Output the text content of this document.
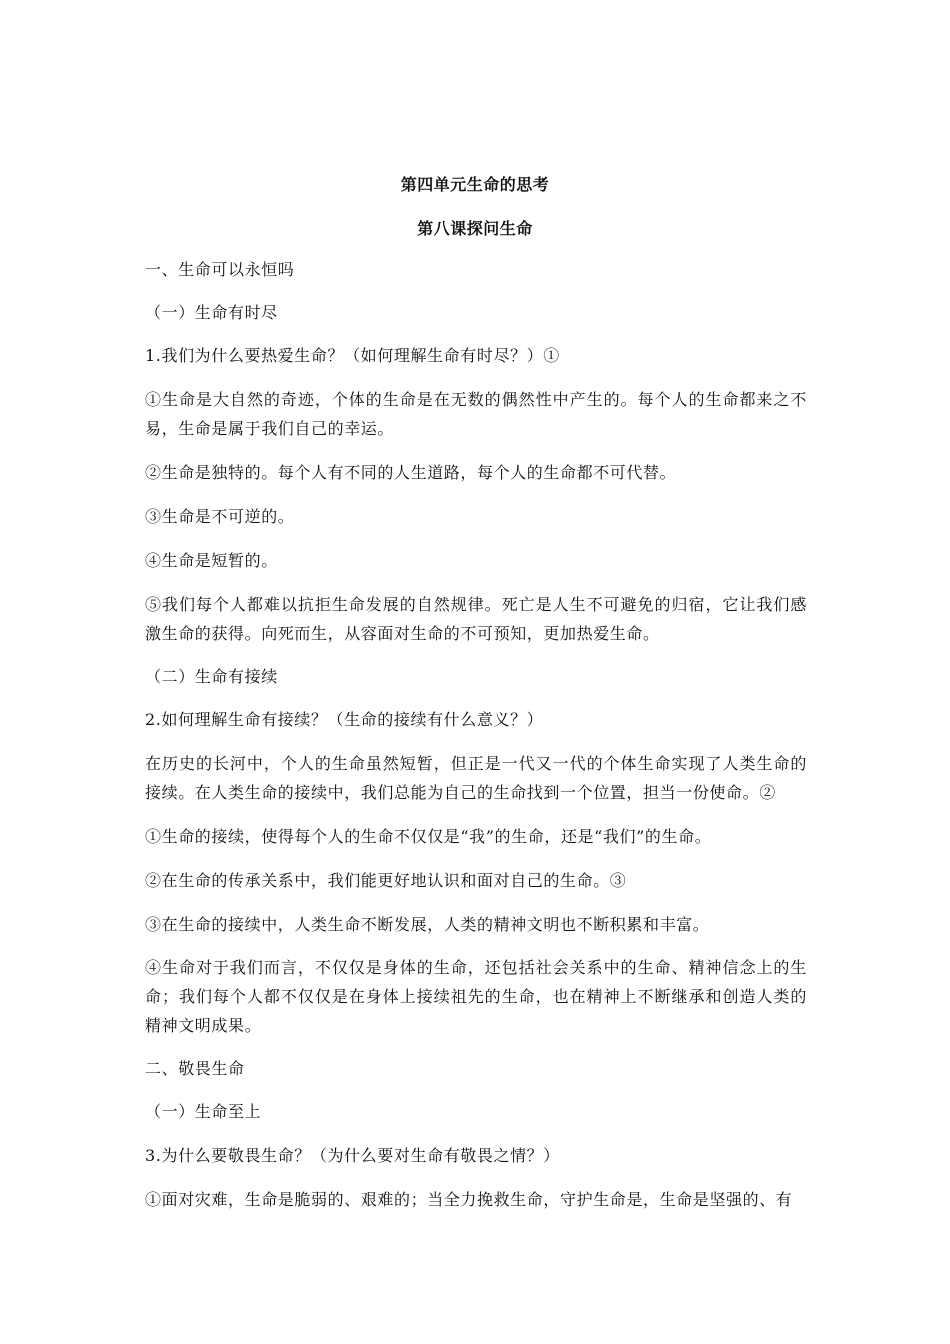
第四单元生命的思考
第八课探问生命
一、生命可以永恒吗
（一）生命有时尽
1.我们为什么要热爱生命？（如何理解生命有时尽？）①
①生命是大自然的奇迹，个体的生命是在无数的偶然性中产生的。每个人的生命都来之不易，生命是属于我们自己的幸运。
②生命是独特的。每个人有不同的人生道路，每个人的生命都不可代替。
③生命是不可逆的。
④生命是短暂的。
⑤我们每个人都难以抗拒生命发展的自然规律。死亡是人生不可避免的归宿，它让我们感激生命的获得。向死而生，从容面对生命的不可预知，更加热爱生命。
（二）生命有接续
2.如何理解生命有接续？（生命的接续有什么意义？）
在历史的长河中，个人的生命虽然短暂，但正是一代又一代的个体生命实现了人类生命的接续。在人类生命的接续中，我们总能为自己的生命找到一个位置，担当一份使命。②
①生命的接续，使得每个人的生命不仅仅是“我”的生命，还是“我们”的生命。
②在生命的传承关系中，我们能更好地认识和面对自己的生命。③
③在生命的接续中，人类生命不断发展，人类的精神文明也不断积累和丰富。
④生命对于我们而言，不仅仅是身体的生命，还包括社会关系中的生命、精神信念上的生命；我们每个人都不仅仅是在身体上接续祖先的生命，也在精神上不断继承和创造人类的精神文明成果。
二、敬畏生命
（一）生命至上
3.为什么要敬畏生命？（为什么要对生命有敬畏之情？）
①面对灾难，生命是脆弱的、艰难的；当全力挽救生命，守护生命是，生命是坚强的、有
